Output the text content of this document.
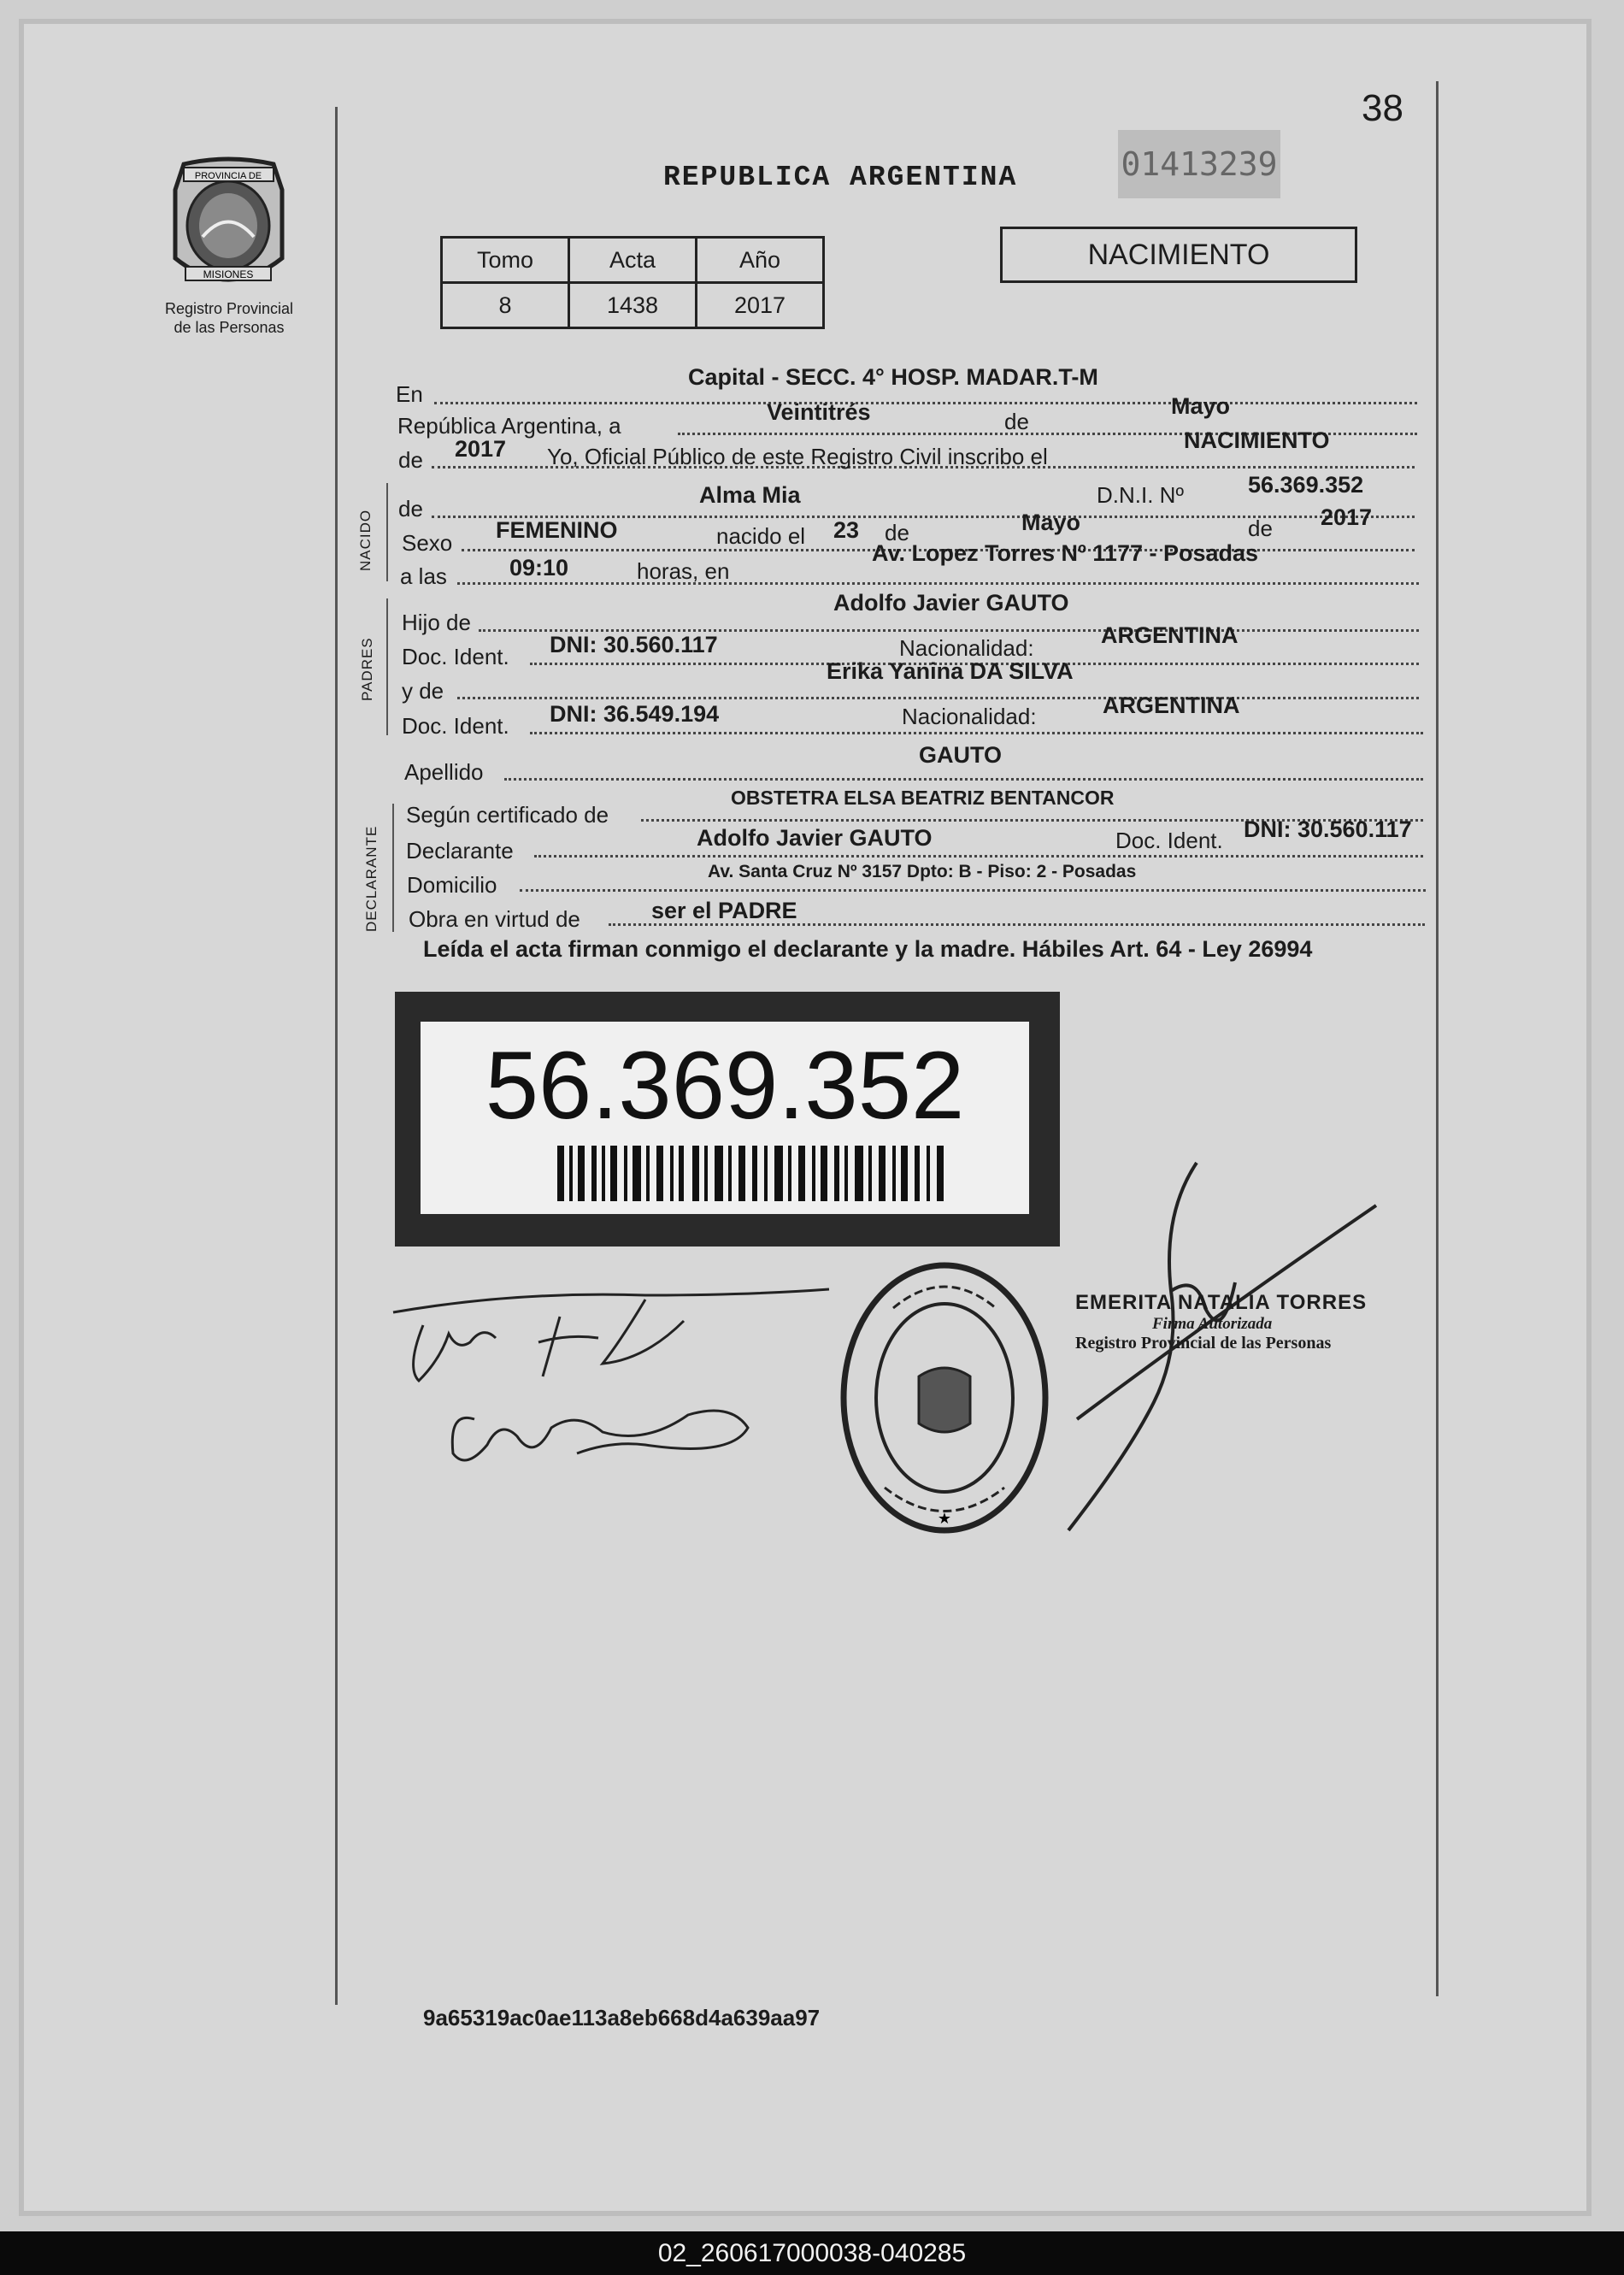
38
PROVINCIA DE
MISIONES
Registro Provincial
de las Personas
REPUBLICA ARGENTINA	01413239
Tomo	Acta	Año
8	1438	2017
NACIMIENTO
En
Capital - SECC. 4° HOSP. MADAR.T-M
República Argentina, a
Veintitrés	de
Mayo
de 2017 Yo, Oficial Público de este Registro Civil inscribo el
NACIMIENTO
NACIDO
de
Alma Mia	D.N.I. Nº	56.369.352
Sexo FEMENINO	nacido el 23 de	Mayo	de 2017
a las	09:10	horas, en
Av. Lopez Torres Nº 1177 - Posadas
PADRES
Hijo de
Adolfo Javier GAUTO
Doc. Ident. DNI: 30.560.117	Nacionalidad:	ARGENTINA
y de
Erika Yanina DA SILVA
Doc. Ident. DNI: 36.549.194	Nacionalidad:	ARGENTINA
Apellido
GAUTO
DECLARANTE
Según certificado de
OBSTETRA ELSA BEATRIZ BENTANCOR
Declarante	Adolfo Javier GAUTO	Doc. Ident. DNI: 30.560.117
Domicilio
Av. Santa Cruz Nº 3157 Dpto: B - Piso: 2 - Posadas
Obra en virtud de	ser el PADRE
Leída el acta firman conmigo el declarante y la madre. Hábiles Art. 64 - Ley 26994
56.369.352
★
EMERITA NATALIA TORRES
Firma Autorizada
Registro Provincial de las Personas
9a65319ac0ae113a8eb668d4a639aa97
02_260617000038-040285
